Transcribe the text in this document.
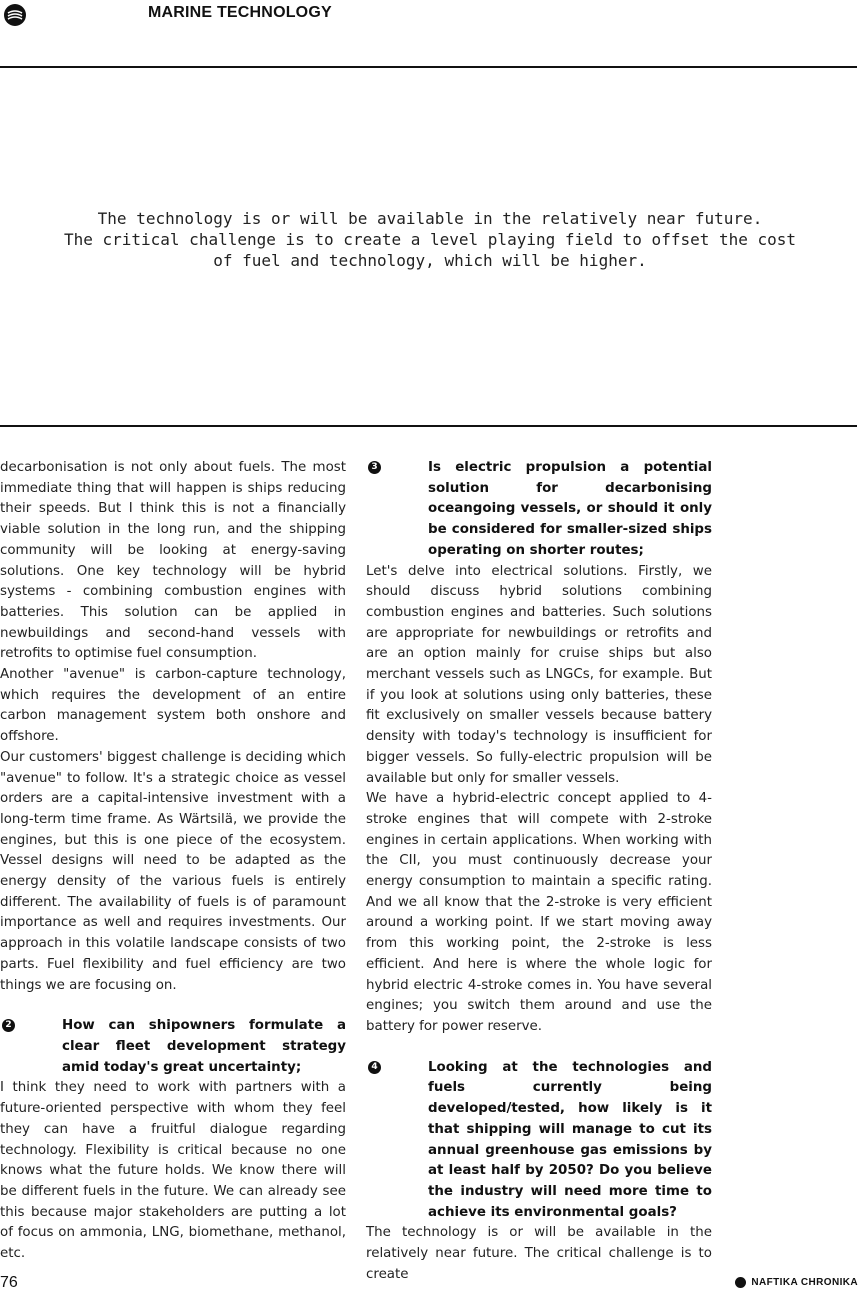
MARINE TECHNOLOGY
The technology is or will be available in the relatively near future.
The critical challenge is to create a level playing field to offset the cost
of fuel and technology, which will be higher.

decarbonisation is not only about fuels. The most immediate thing that will happen is ships reducing their speeds. But I think this is not a financially viable solution in the long run, and the shipping community will be looking at energy-saving solutions. One key technology will be hybrid systems - combining combustion engines with batteries. This solution can be applied in newbuildings and second-hand vessels with retrofits to optimise fuel consumption.

Another "avenue" is carbon-capture technology, which requires the development of an entire carbon management system both onshore and offshore.

Our customers' biggest challenge is deciding which "avenue" to follow. It's a strategic choice as vessel orders are a capital-intensive investment with a long-term time frame. As Wärtsilä, we provide the engines, but this is one piece of the ecosystem. Vessel designs will need to be adapted as the energy density of the various fuels is entirely different. The availability of fuels is of paramount importance as well and requires investments. Our approach in this volatile landscape consists of two parts. Fuel flexibility and fuel efficiency are two things we are focusing on.

2	How can shipowners formulate a clear fleet development strategy amid today's great uncertainty;

I think they need to work with partners with a future-oriented perspective with whom they feel they can have a fruitful dialogue regarding technology. Flexibility is critical because no one knows what the future holds. We know there will be different fuels in the future. We can already see this because major stakeholders are putting a lot of focus on ammonia, LNG, biomethane, methanol, etc.

3	Is electric propulsion a potential solution for decarbonising oceangoing vessels, or should it only be considered for smaller-sized ships operating on shorter routes;

Let's delve into electrical solutions. Firstly, we should discuss hybrid solutions combining combustion engines and batteries. Such solutions are appropriate for newbuildings or retrofits and are an option mainly for cruise ships but also merchant vessels such as LNGCs, for example. But if you look at solutions using only batteries, these fit exclusively on smaller vessels because battery density with today's technology is insufficient for bigger vessels. So fully-electric propulsion will be available but only for smaller vessels.

We have a hybrid-electric concept applied to 4-stroke engines that will compete with 2-stroke engines in certain applications. When working with the CII, you must continuously decrease your energy consumption to maintain a specific rating. And we all know that the 2-stroke is very efficient around a working point. If we start moving away from this working point, the 2-stroke is less efficient. And here is where the whole logic for hybrid electric 4-stroke comes in. You have several engines; you switch them around and use the battery for power reserve.

4	Looking at the technologies and fuels currently being developed/tested, how likely is it that shipping will manage to cut its annual greenhouse gas emissions by at least half by 2050? Do you believe the industry will need more time to achieve its environmental goals?

The technology is or will be available in the relatively near future. The critical challenge is to create

76	NAFTIKA CHRONIKA
